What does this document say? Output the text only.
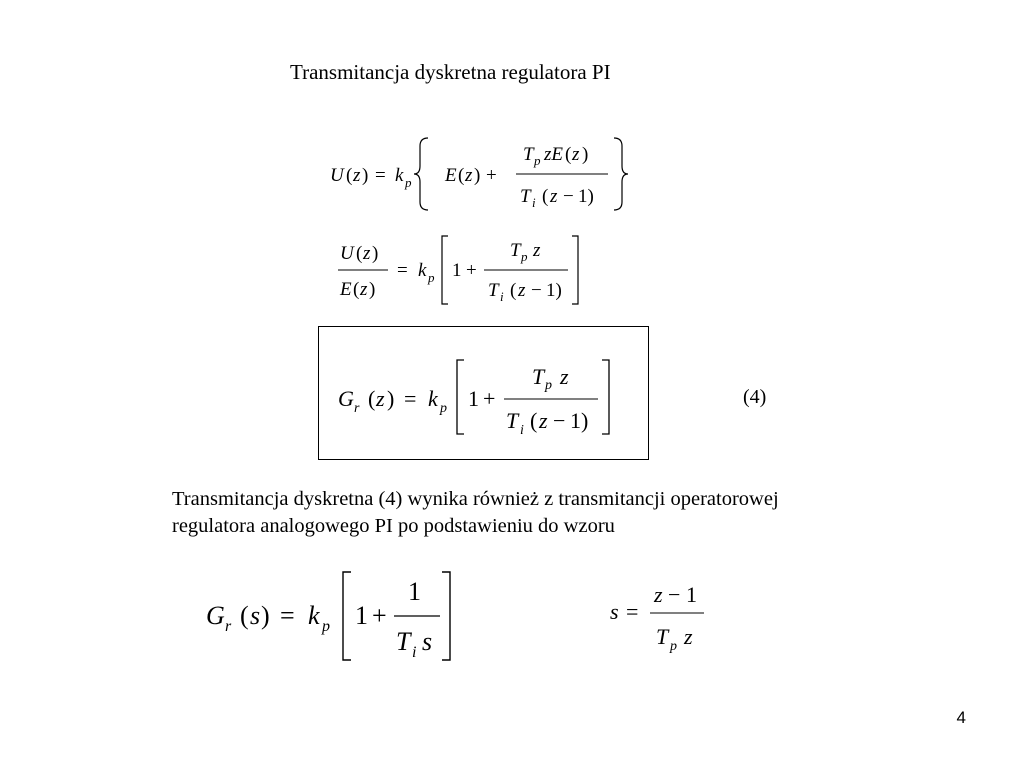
Transmitancja dyskretna regulatora PI
U ( z ) = k p E ( z ) +
T p zE ( z )
T i ( z − 1)
U ( z )
E ( z )
= k p 1 +
T p z
T i ( z − 1)
G r ( z ) = k p 1 +
T p z
T i ( z − 1)
(4)
Transmitancja dyskretna (4) wynika również z transmitancji operatorowej
regulatora analogowego PI po podstawieniu do wzoru
G r ( s ) = k p 1 +
1
T i s
s =
z − 1
T p z
4
